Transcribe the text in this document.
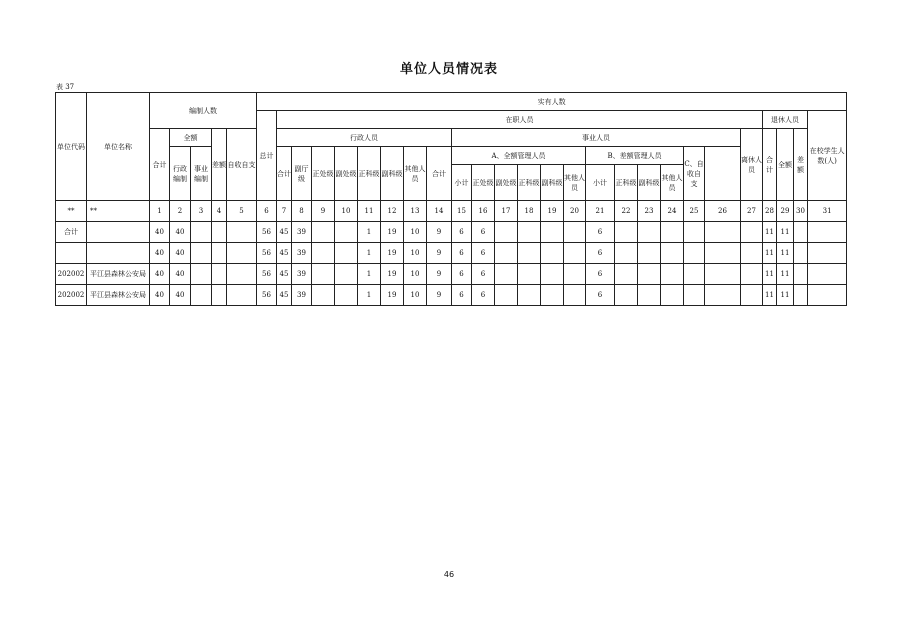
单位人员情况表
表 37
单位代码	单位名称	编制人数					实有人数																									
							总计	在职人员																					退休人员			在校学生人数(人)
		合计	全额		差额	自收自支		行政人员								事业人员												离休人员	合计	全额	差额	
			行政编制	事业编制				合计	副厅级	正处级	副处级	正科级	副科级	其他人员	合计	A、全额管理人员						B、差额管理人员				C、自收自支						
																小计	正处级	副处级	正科级	副科级	其他人员	小计	正科级	副科级	其他人员							
**	**	1	2	3	4	5	6	7	8	9	10	11	12	13	14	15	16	17	18	19	20	21	22	23	24	25	26	27	28	29	30	31
合计		40	40				56	45	39			1	19	10	9	6	6					6							11	11		
		40	40				56	45	39			1	19	10	9	6	6					6							11	11		
202002	平江县森林公安局	40	40				56	45	39			1	19	10	9	6	6					6							11	11		
202002	平江县森林公安局	40	40				56	45	39			1	19	10	9	6	6					6							11	11		
46
